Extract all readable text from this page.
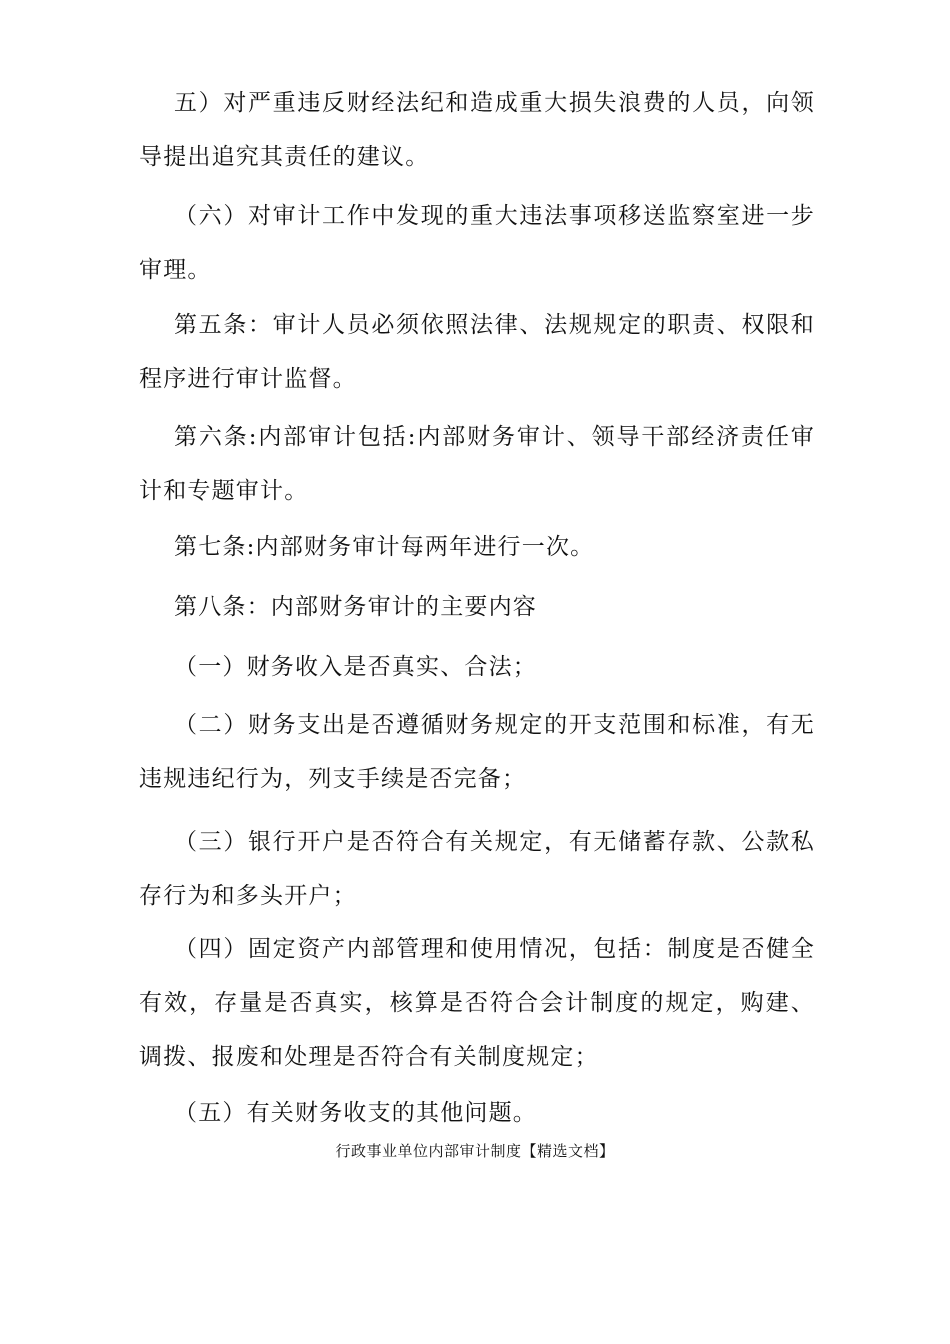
五）对严重违反财经法纪和造成重大损失浪费的人员，向领导提出追究其责任的建议。

（六）对审计工作中发现的重大违法事项移送监察室进一步审理。

第五条：审计人员必须依照法律、法规规定的职责、权限和程序进行审计监督。

第六条:内部审计包括:内部财务审计、领导干部经济责任审计和专题审计。

第七条:内部财务审计每两年进行一次。

第八条：内部财务审计的主要内容

（一）财务收入是否真实、合法；

（二）财务支出是否遵循财务规定的开支范围和标准，有无违规违纪行为，列支手续是否完备；

（三）银行开户是否符合有关规定，有无储蓄存款、公款私存行为和多头开户；

（四）固定资产内部管理和使用情况，包括：制度是否健全有效，存量是否真实，核算是否符合会计制度的规定，购建、调拨、报废和处理是否符合有关制度规定；

（五）有关财务收支的其他问题。

行政事业单位内部审计制度【精选文档】
